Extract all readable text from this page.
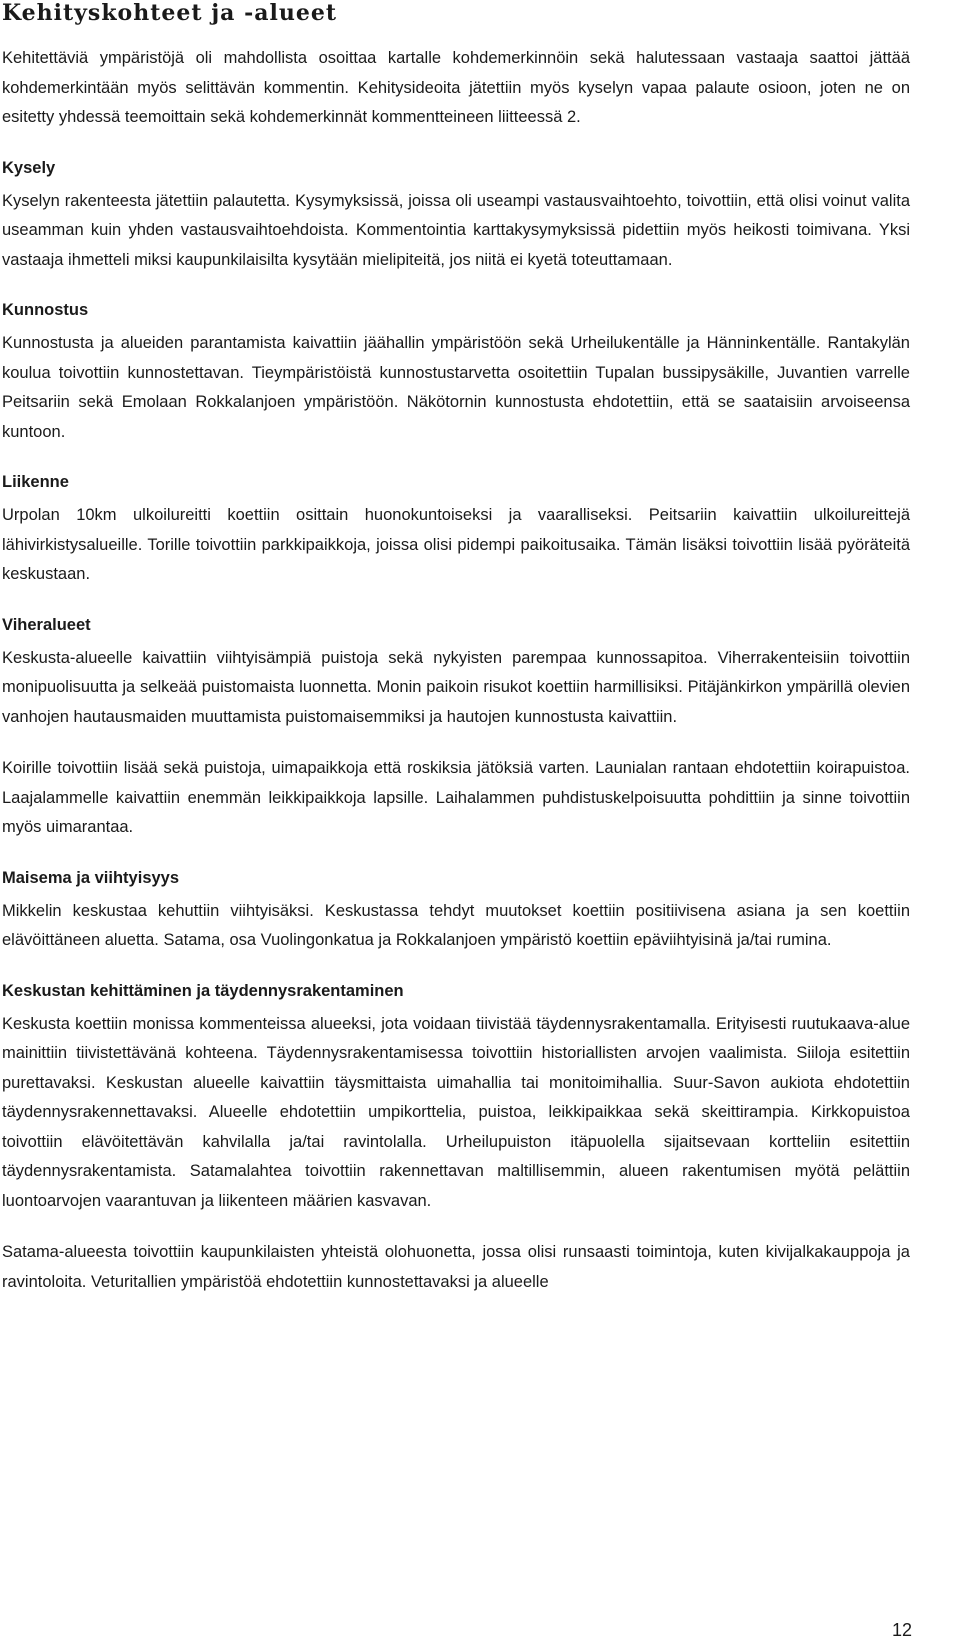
Kehityskohteet ja -alueet

Kehitettäviä ympäristöjä oli mahdollista osoittaa kartalle kohdemerkinnöin sekä halutessaan vastaaja saattoi jättää kohdemerkintään myös selittävän kommentin. Kehitysideoita jätettiin myös kyselyn vapaa palaute osioon, joten ne on esitetty yhdessä teemoittain sekä kohdemerkinnät kommentteineen liitteessä 2.

Kysely

Kyselyn rakenteesta jätettiin palautetta. Kysymyksissä, joissa oli useampi vastausvaihtoehto, toivottiin, että olisi voinut valita useamman kuin yhden vastausvaihtoehdoista. Kommentointia karttakysymyksissä pidettiin myös heikosti toimivana. Yksi vastaaja ihmetteli miksi kaupunkilaisilta kysytään mielipiteitä, jos niitä ei kyetä toteuttamaan.

Kunnostus

Kunnostusta ja alueiden parantamista kaivattiin jäähallin ympäristöön sekä Urheilukentälle ja Hänninkentälle. Rantakylän koulua toivottiin kunnostettavan. Tieympäristöistä kunnostustarvetta osoitettiin Tupalan bussipysäkille, Juvantien varrelle Peitsariin sekä Emolaan Rokkalanjoen ympäristöön. Näkötornin kunnostusta ehdotettiin, että se saataisiin arvoiseensa kuntoon.

Liikenne

Urpolan 10km ulkoilureitti koettiin osittain huonokuntoiseksi ja vaaralliseksi. Peitsariin kaivattiin ulkoilureittejä lähivirkistysalueille. Torille toivottiin parkkipaikkoja, joissa olisi pidempi paikoitusaika. Tämän lisäksi toivottiin lisää pyöräteitä keskustaan.

Viheralueet

Keskusta-alueelle kaivattiin viihtyisämpiä puistoja sekä nykyisten parempaa kunnossapitoa. Viherrakenteisiin toivottiin monipuolisuutta ja selkeää puistomaista luonnetta. Monin paikoin risukot koettiin harmillisiksi. Pitäjänkirkon ympärillä olevien vanhojen hautausmaiden muuttamista puistomaisemmiksi ja hautojen kunnostusta kaivattiin.

Koirille toivottiin lisää sekä puistoja, uimapaikkoja että roskiksia jätöksiä varten. Launialan rantaan ehdotettiin koirapuistoa. Laajalammelle kaivattiin enemmän leikkipaikkoja lapsille. Laihalammen puhdistuskelpoisuutta pohdittiin ja sinne toivottiin myös uimarantaa.

Maisema ja viihtyisyys

Mikkelin keskustaa kehuttiin viihtyisäksi. Keskustassa tehdyt muutokset koettiin positiivisena asiana ja sen koettiin elävöittäneen aluetta. Satama, osa Vuolingonkatua ja Rokkalanjoen ympäristö koettiin epäviihtyisinä ja/tai rumina.

Keskustan kehittäminen ja täydennysrakentaminen

Keskusta koettiin monissa kommenteissa alueeksi, jota voidaan tiivistää täydennysrakentamalla. Erityisesti ruutukaava-alue mainittiin tiivistettävänä kohteena. Täydennysrakentamisessa toivottiin historiallisten arvojen vaalimista. Siiloja esitettiin purettavaksi. Keskustan alueelle kaivattiin täysmittaista uimahallia tai monitoimihallia. Suur-Savon aukiota ehdotettiin täydennysrakennettavaksi. Alueelle ehdotettiin umpikorttelia, puistoa, leikkipaikkaa sekä skeittirampia. Kirkkopuistoa toivottiin elävöitettävän kahvilalla ja/tai ravintolalla. Urheilupuiston itäpuolella sijaitsevaan kortteliin esitettiin täydennysrakentamista. Satamalahtea toivottiin rakennettavan maltillisemmin, alueen rakentumisen myötä pelättiin luontoarvojen vaarantuvan ja liikenteen määrien kasvavan.

Satama-alueesta toivottiin kaupunkilaisten yhteistä olohuonetta, jossa olisi runsaasti toimintoja, kuten kivijalkakauppoja ja ravintoloita. Veturitallien ympäristöä ehdotettiin kunnostettavaksi ja alueelle

12
